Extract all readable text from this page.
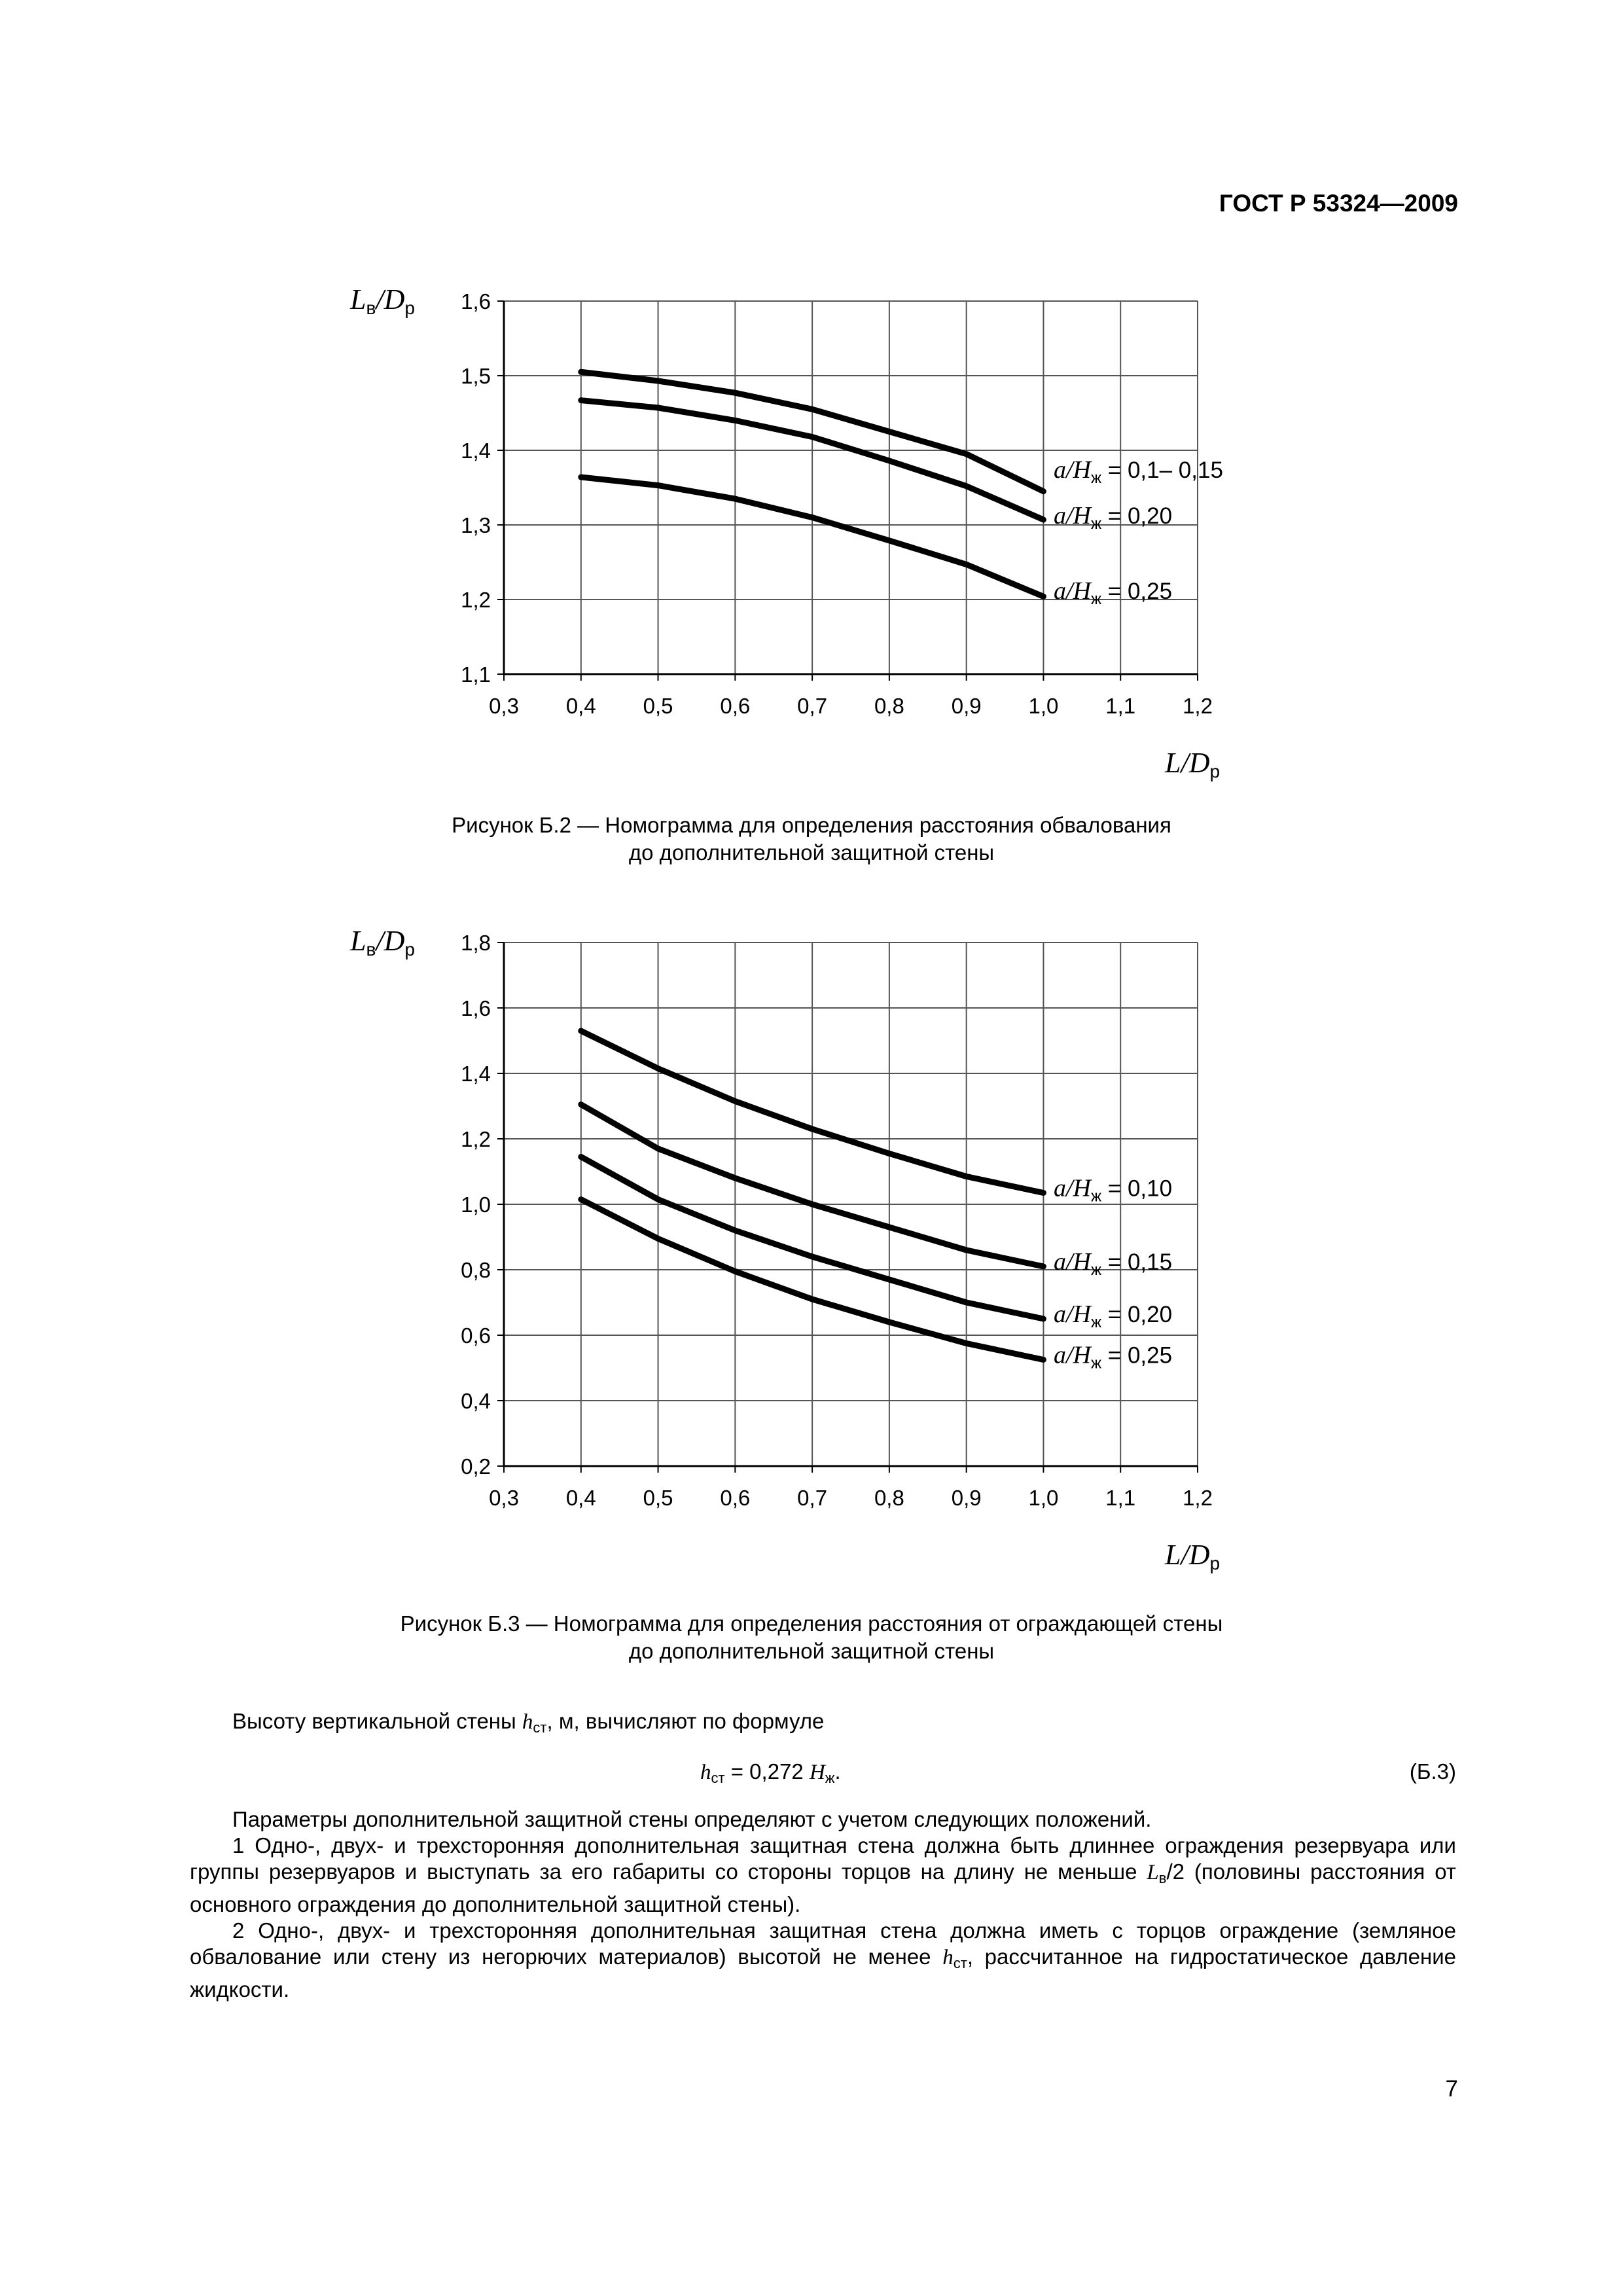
ГОСТ Р 53324—2009
0,3 0,4 0,5 0,6 0,7 0,8 0,9 1,0 1,1 1,2
1,1
1,2
1,3
1,4
1,5
1,6
Lв/Dр
L/Dр
$а/H_ж = 0,1-$ 0,15
$а/H_ж = 0,20$
$а/H_ж = 0,25$
Рисунок Б.2 — Номограмма для определения расстояния обвалования
до дополнительной защитной стены
0,3 0,4 0,5 0,6 0,7 0,8 0,9 1,0 1,1 1,2
0,2
0,4
0,6
0,8
1,0
1,2
1,4
1,6
1,8
Lв/Dр
L/Dр
$а/H_ж = 0,10$
$а/H_ж = 0,15$
$а/H_ж = 0,20$
$а/H_ж = 0,25$
Рисунок Б.3 — Номограмма для определения расстояния от ограждающей стены
до дополнительной защитной стены
Высоту вертикальной стены $h_{ст}$, м, вычисляют по формуле
$h_{ст} = 0,272$ $H_ж$.	(Б.3)
Параметры дополнительной защитной стены определяют с учетом следующих положений.
1 Одно-, двух- и трехсторонняя дополнительная защитная стена должна быть длиннее ограждения резервуара или группы резервуаров и выступать за его габариты со стороны торцов на длину не меньше $L_в/2$ (половины расстояния от основного ограждения до дополнительной защитной стены).
2 Одно-, двух- и трехсторонняя дополнительная защитная стена должна иметь с торцов ограждение (земляное обвалование или стену из негорючих материалов) высотой не менее $h_{ст}$, рассчитанное на гидростатическое давление жидкости.
7
